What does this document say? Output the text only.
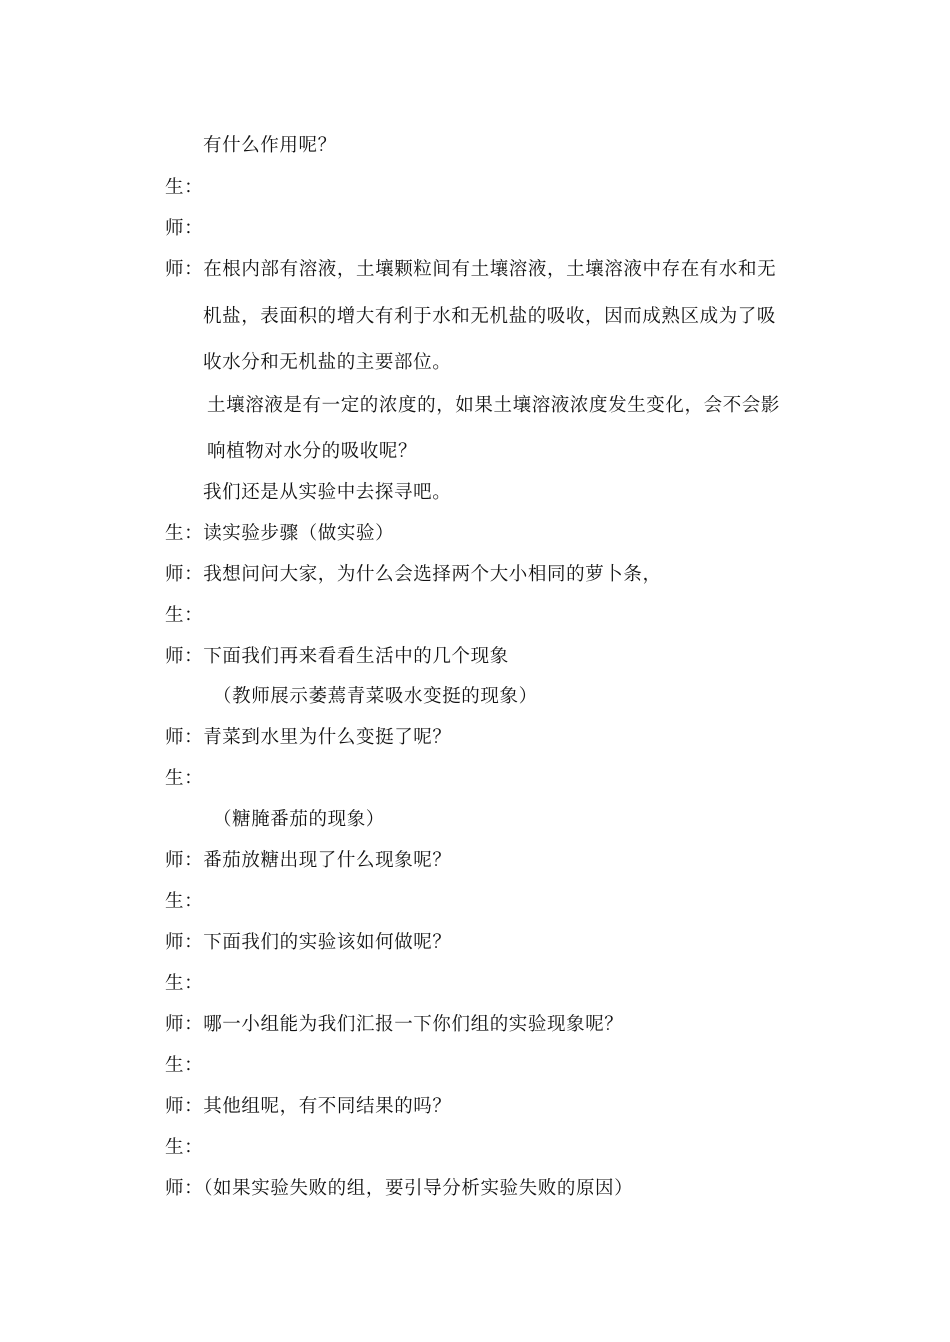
有什么作用呢？
生：
师：
师：在根内部有溶液，土壤颗粒间有土壤溶液，土壤溶液中存在有水和无
机盐，表面积的增大有利于水和无机盐的吸收，因而成熟区成为了吸
收水分和无机盐的主要部位。
土壤溶液是有一定的浓度的，如果土壤溶液浓度发生变化，会不会影
响植物对水分的吸收呢？
我们还是从实验中去探寻吧。
生：读实验步骤（做实验）
师：我想问问大家，为什么会选择两个大小相同的萝卜条，
生：
师：下面我们再来看看生活中的几个现象
（教师展示萎蔫青菜吸水变挺的现象）
师：青菜到水里为什么变挺了呢？
生：
（糖腌番茄的现象）
师：番茄放糖出现了什么现象呢？
生：
师：下面我们的实验该如何做呢？
生：
师：哪一小组能为我们汇报一下你们组的实验现象呢？
生：
师：其他组呢，有不同结果的吗？
生：
师：（如果实验失败的组，要引导分析实验失败的原因）
